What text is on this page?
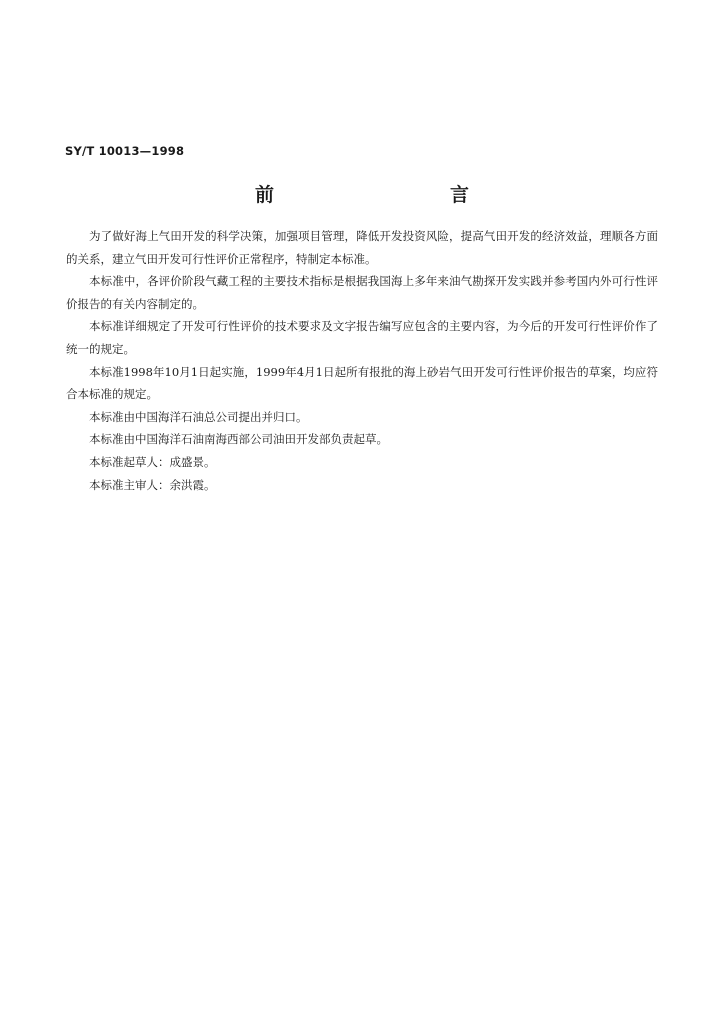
SY/T 10013—1998
前　　言

为了做好海上气田开发的科学决策，加强项目管理，降低开发投资风险，提高气田开发的经济效益，理顺各方面的关系，建立气田开发可行性评价正常程序，特制定本标准。

本标准中，各评价阶段气藏工程的主要技术指标是根据我国海上多年来油气勘探开发实践并参考国内外可行性评价报告的有关内容制定的。

本标准详细规定了开发可行性评价的技术要求及文字报告编写应包含的主要内容，为今后的开发可行性评价作了统一的规定。

本标准1998年10月1日起实施，1999年4月1日起所有报批的海上砂岩气田开发可行性评价报告的草案，均应符合本标准的规定。

本标准由中国海洋石油总公司提出并归口。

本标准由中国海洋石油南海西部公司油田开发部负责起草。

本标准起草人：成盛景。

本标准主审人：余洪霞。
